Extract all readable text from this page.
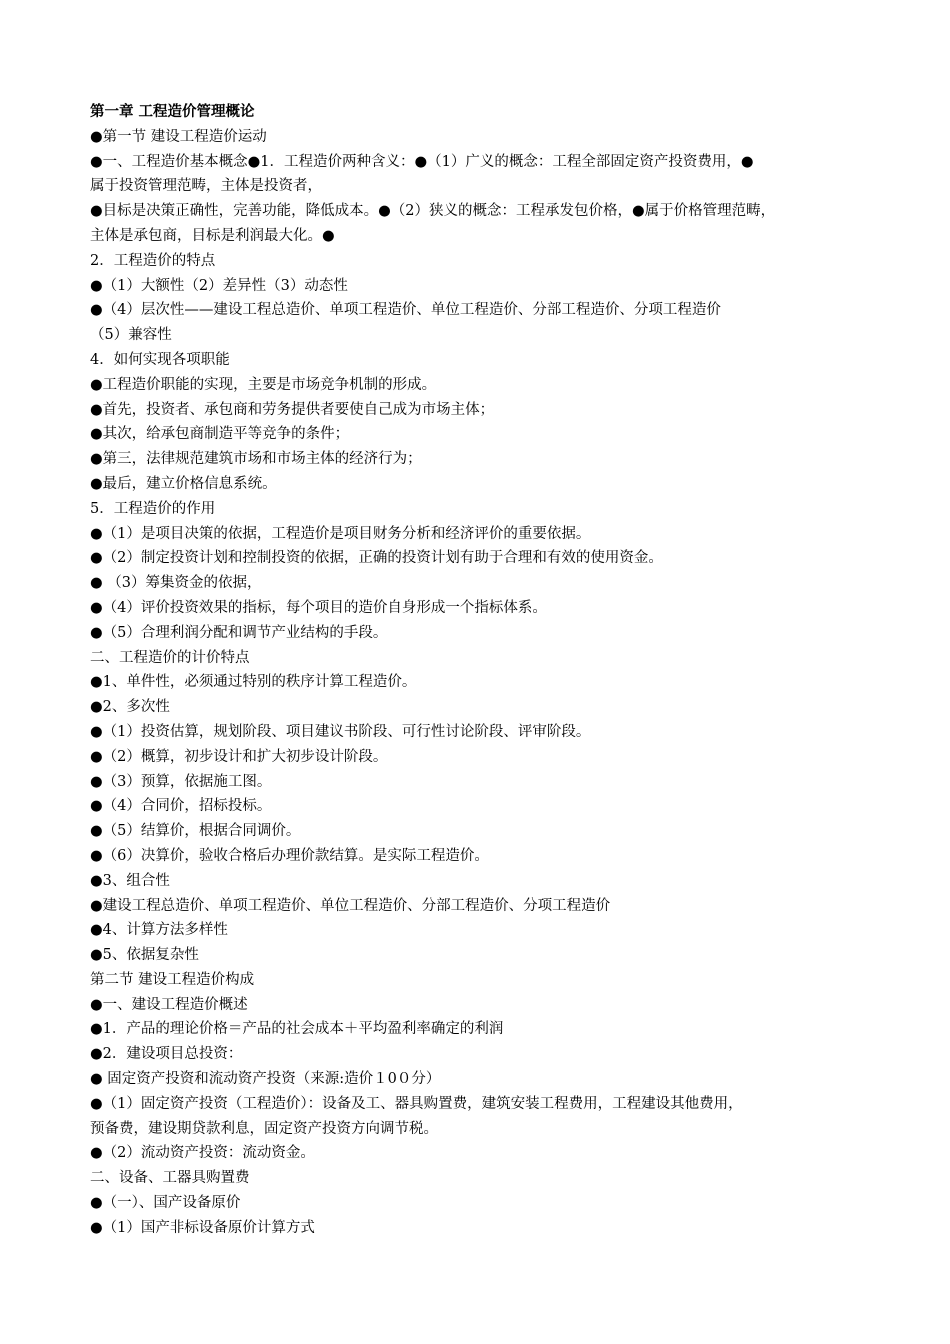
第一章 工程造价管理概论
●第一节 建设工程造价运动
●一、工程造价基本概念●1．工程造价两种含义：●（1）广义的概念：工程全部固定资产投资费用，●
属于投资管理范畴，主体是投资者，
●目标是决策正确性，完善功能，降低成本。●（2）狭义的概念：工程承发包价格，●属于价格管理范畴，
主体是承包商，目标是利润最大化。●
2．工程造价的特点
●（1）大额性（2）差异性（3）动态性
●（4）层次性——建设工程总造价、单项工程造价、单位工程造价、分部工程造价、分项工程造价
（5）兼容性
4．如何实现各项职能
●工程造价职能的实现，主要是市场竞争机制的形成。
●首先，投资者、承包商和劳务提供者要使自己成为市场主体；
●其次，给承包商制造平等竞争的条件；
●第三，法律规范建筑市场和市场主体的经济行为；
●最后，建立价格信息系统。
5．工程造价的作用
●（1）是项目决策的依据，工程造价是项目财务分析和经济评价的重要依据。
●（2）制定投资计划和控制投资的依据，正确的投资计划有助于合理和有效的使用资金。
● （3）筹集资金的依据，
●（4）评价投资效果的指标，每个项目的造价自身形成一个指标体系。
●（5）合理利润分配和调节产业结构的手段。
二、工程造价的计价特点
●1、单件性，必须通过特别的秩序计算工程造价。
●2、多次性
●（1）投资估算，规划阶段、项目建议书阶段、可行性讨论阶段、评审阶段。
●（2）概算，初步设计和扩大初步设计阶段。
●（3）预算，依据施工图。
●（4）合同价，招标投标。
●（5）结算价，根据合同调价。
●（6）决算价，验收合格后办理价款结算。是实际工程造价。
●3、组合性
●建设工程总造价、单项工程造价、单位工程造价、分部工程造价、分项工程造价
●4、计算方法多样性
●5、依据复杂性
第二节 建设工程造价构成
●一、建设工程造价概述
●1．产品的理论价格＝产品的社会成本＋平均盈利率确定的利润
●2．建设项目总投资：
● 固定资产投资和流动资产投资（来源:造价１0０分）
●（1）固定资产投资（工程造价）：设备及工、器具购置费，建筑安装工程费用，工程建设其他费用，
预备费，建设期贷款利息，固定资产投资方向调节税。
●（2）流动资产投资：流动资金。
二、设备、工器具购置费
●（一）、国产设备原价
●（1）国产非标设备原价计算方式
